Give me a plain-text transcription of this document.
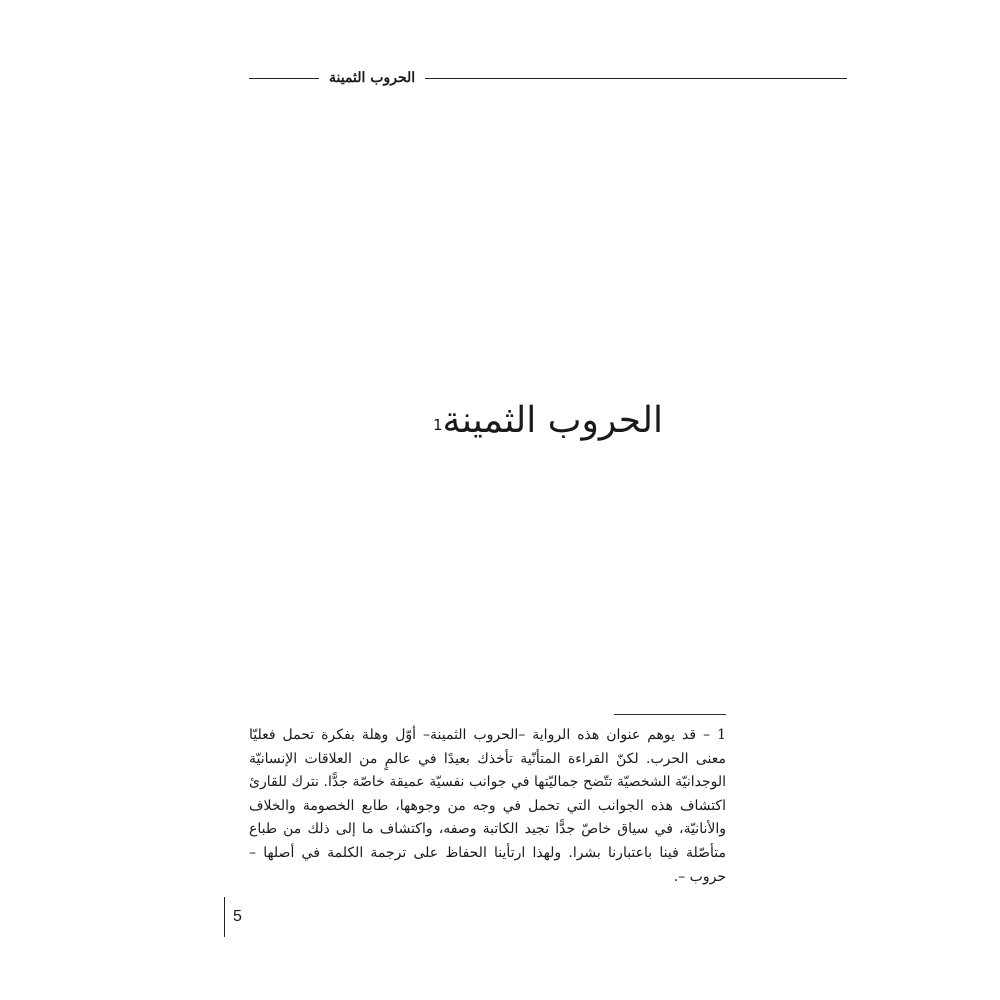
الحروب الثمينة
الحروب الثمينة$^1$

1 – قد يوهم عنوان هذه الرواية –الحروب الثمينة– أوّل وهلة بفكرة تحمل فعليّا معنى الحرب. لكنّ القراءة المتأنّية تأخذك بعيدًا في عالمٍ من العلاقات الإنسانيّة الوجدانيّة الشخصيّة تتّضح جماليّتها في جوانب نفسيّة عميقة خاصّة جدًّا. نترك للقارئ اكتشاف هذه الجوانب التي تحمل في وجه من وجوهها، طابع الخصومة والخلاف والأنانيّة، في سياق خاصّ جدًّا تجيد الكاتبة وصفه، واكتشاف ما إلى ذلك من طباع متأصّلة فينا باعتبارنا بشرا. ولهذا ارتأينا الحفاظ على ترجمة الكلمة في أصلها – حروب –.

5
